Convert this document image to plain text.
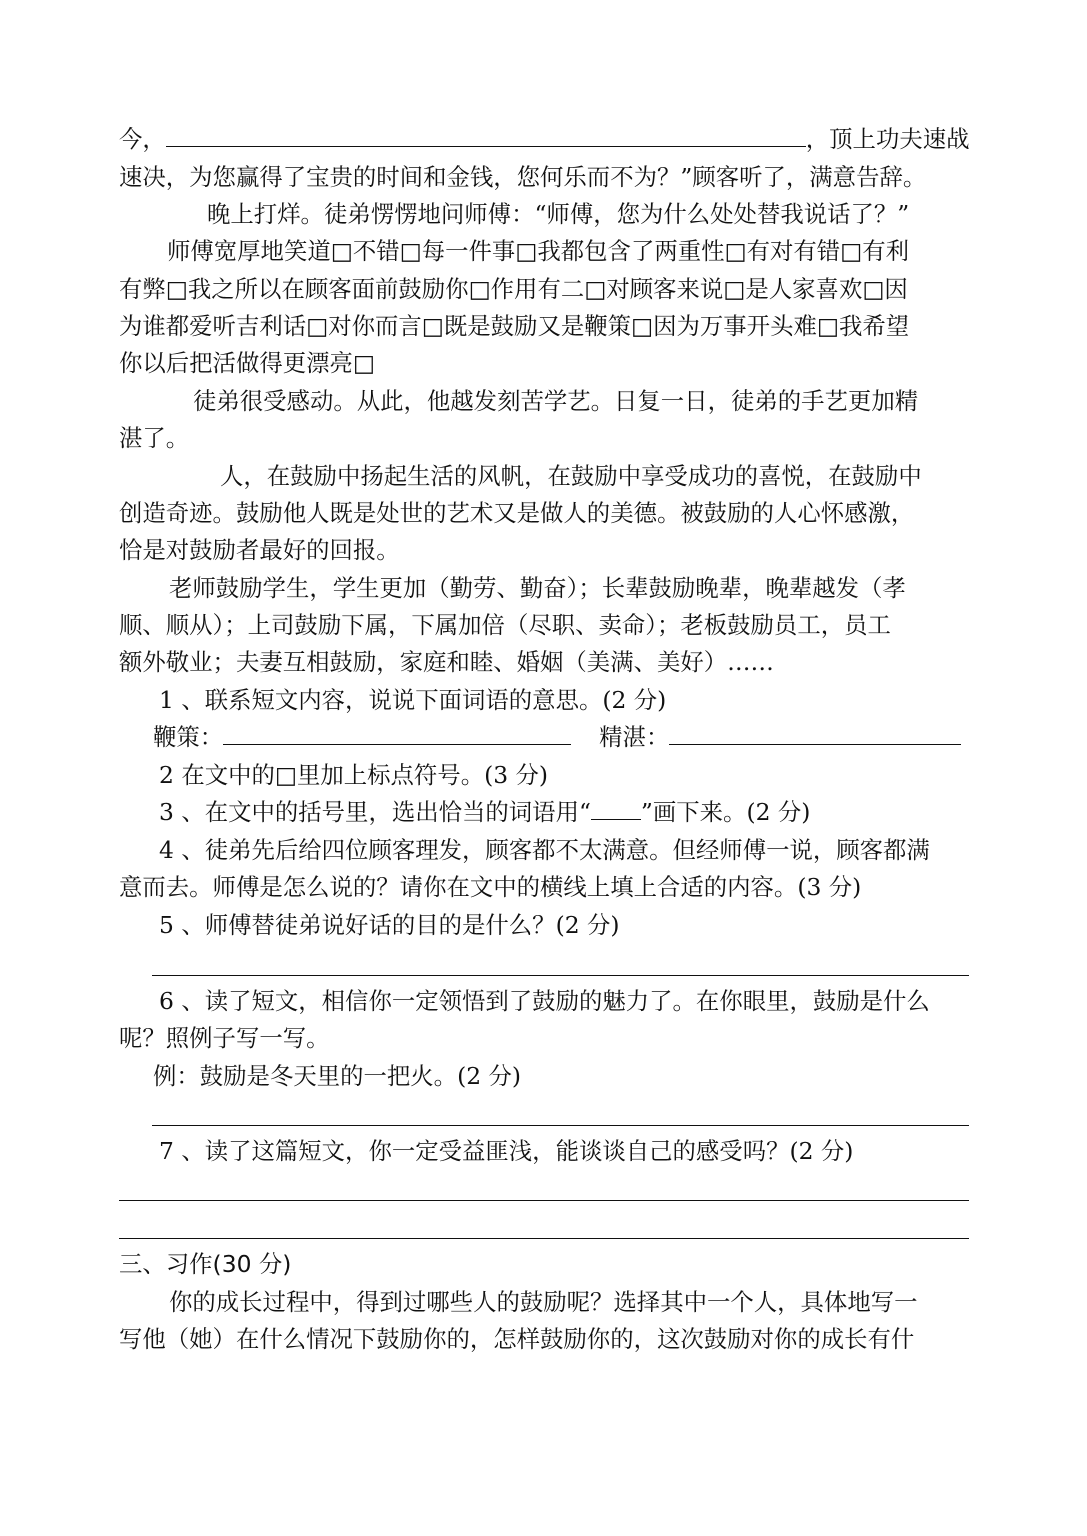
今，	，顶上功夫速战
速决，为您赢得了宝贵的时间和金钱，您何乐而不为？”顾客听了，满意告辞。
晚上打烊。徒弟愣愣地问师傅：“师傅，您为什么处处替我说话了？”
师傅宽厚地笑道□不错□每一件事□我都包含了两重性□有对有错□有利
有弊□我之所以在顾客面前鼓励你□作用有二□对顾客来说□是人家喜欢□因
为谁都爱听吉利话□对你而言□既是鼓励又是鞭策□因为万事开头难□我希望
你以后把活做得更漂亮□
徒弟很受感动。从此，他越发刻苦学艺。日复一日，徒弟的手艺更加精
湛了。
人，在鼓励中扬起生活的风帆，在鼓励中享受成功的喜悦，在鼓励中
创造奇迹。鼓励他人既是处世的艺术又是做人的美德。被鼓励的人心怀感激，
恰是对鼓励者最好的回报。
老师鼓励学生，学生更加（勤劳、勤奋）；长辈鼓励晚辈，晚辈越发（孝
顺、顺从）；上司鼓励下属，下属加倍（尽职、卖命）；老板鼓励员工，员工
额外敬业；夫妻互相鼓励，家庭和睦、婚姻（美满、美好）……
1 、联系短文内容，说说下面词语的意思。(2 分)
鞭策：	精湛：
2 在文中的□里加上标点符号。(3 分)
3 、在文中的括号里，选出恰当的词语用“ ”画下来。(2 分)
4 、徒弟先后给四位顾客理发，顾客都不太满意。但经师傅一说，顾客都满
意而去。师傅是怎么说的？请你在文中的横线上填上合适的内容。(3 分)
5 、师傅替徒弟说好话的目的是什么？(2 分)
6 、读了短文，相信你一定领悟到了鼓励的魅力了。在你眼里，鼓励是什么
呢？照例子写一写。
例：鼓励是冬天里的一把火。(2 分)
7 、读了这篇短文，你一定受益匪浅，能谈谈自己的感受吗？(2 分)
三、习作(30 分)
你的成长过程中，得到过哪些人的鼓励呢？选择其中一个人，具体地写一
写他（她）在什么情况下鼓励你的，怎样鼓励你的，这次鼓励对你的成长有什
